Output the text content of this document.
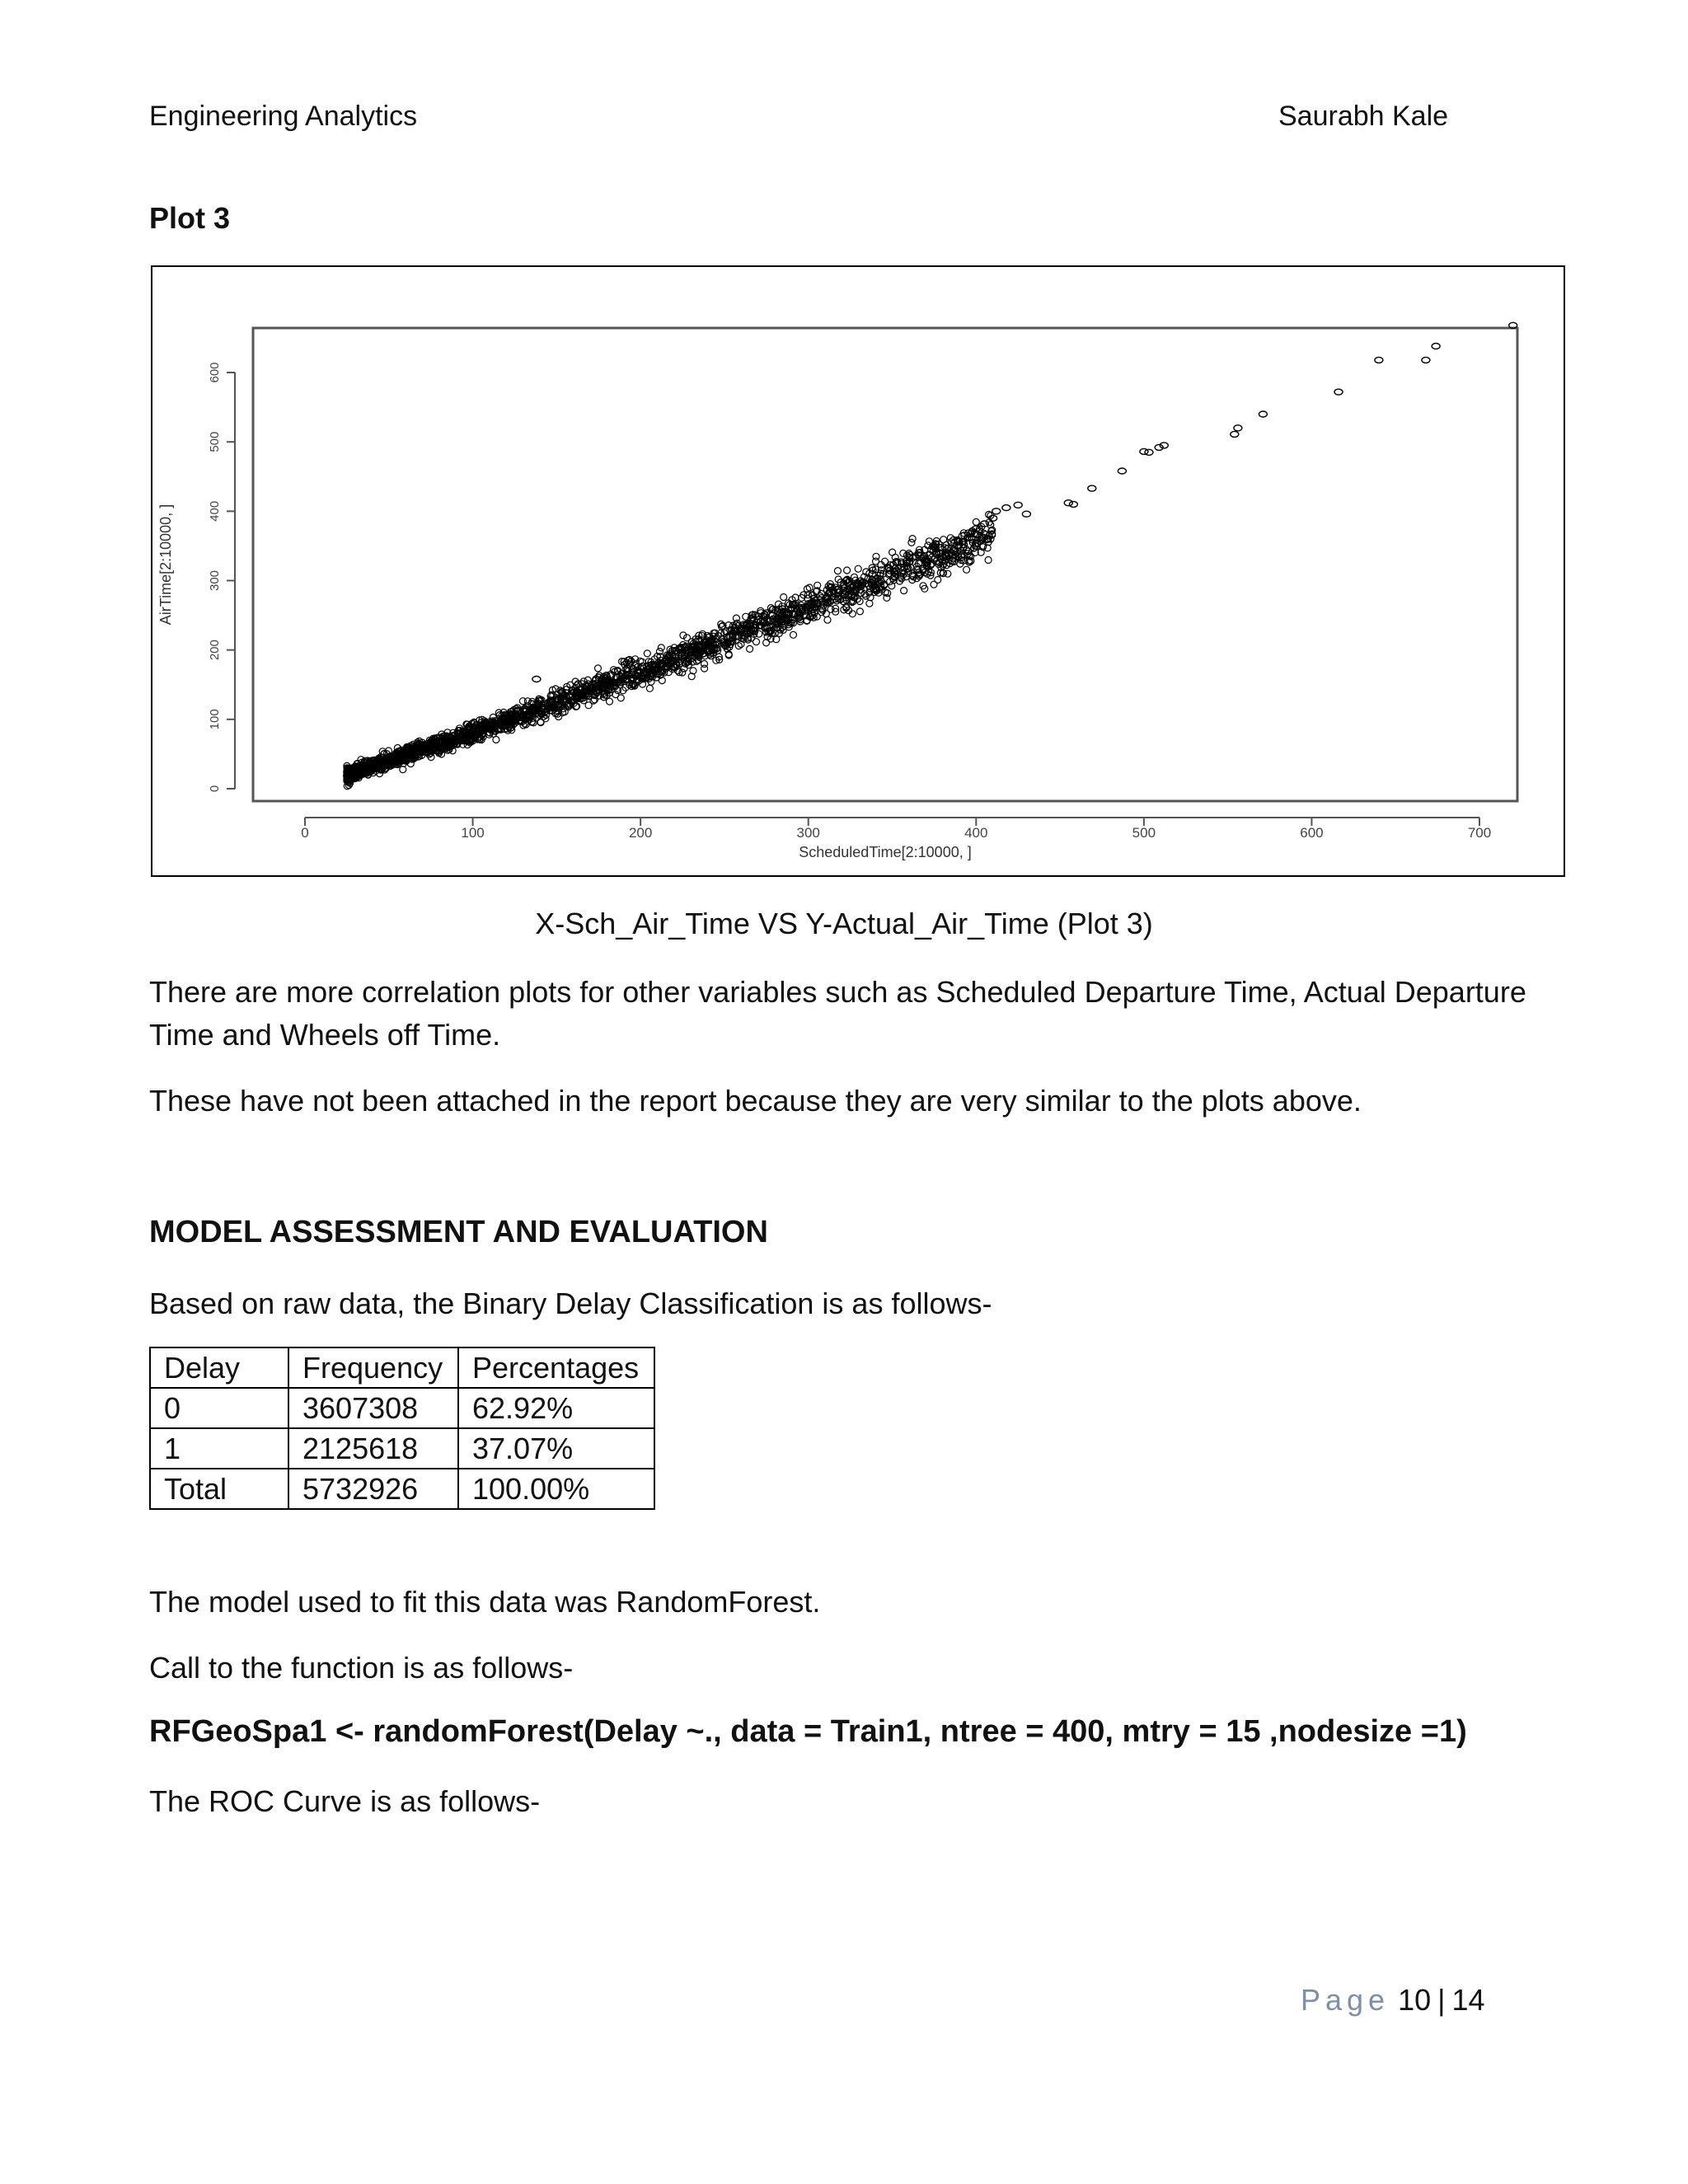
Engineering Analytics	Saurabh Kale
Plot 3
0	100	200	300	400	500	600	700
0
100
200
300
400
500
600
ScheduledTime[2:10000, ]
AirTime[2:10000, ]
X-Sch_Air_Time VS Y-Actual_Air_Time (Plot 3)
There are more correlation plots for other variables such as Scheduled Departure Time, Actual Departure Time and Wheels off Time.
These have not been attached in the report because they are very similar to the plots above.
MODEL ASSESSMENT AND EVALUATION
Based on raw data, the Binary Delay Classification is as follows-
Delay	Frequency	Percentages
0	3607308	62.92%
1	2125618	37.07%
Total	5732926	100.00%
The model used to fit this data was RandomForest.
Call to the function is as follows-
RFGeoSpa1 <- randomForest(Delay ~., data = Train1, ntree = 400, mtry = 15 ,nodesize =1)
The ROC Curve is as follows-
Page 10 | 14
